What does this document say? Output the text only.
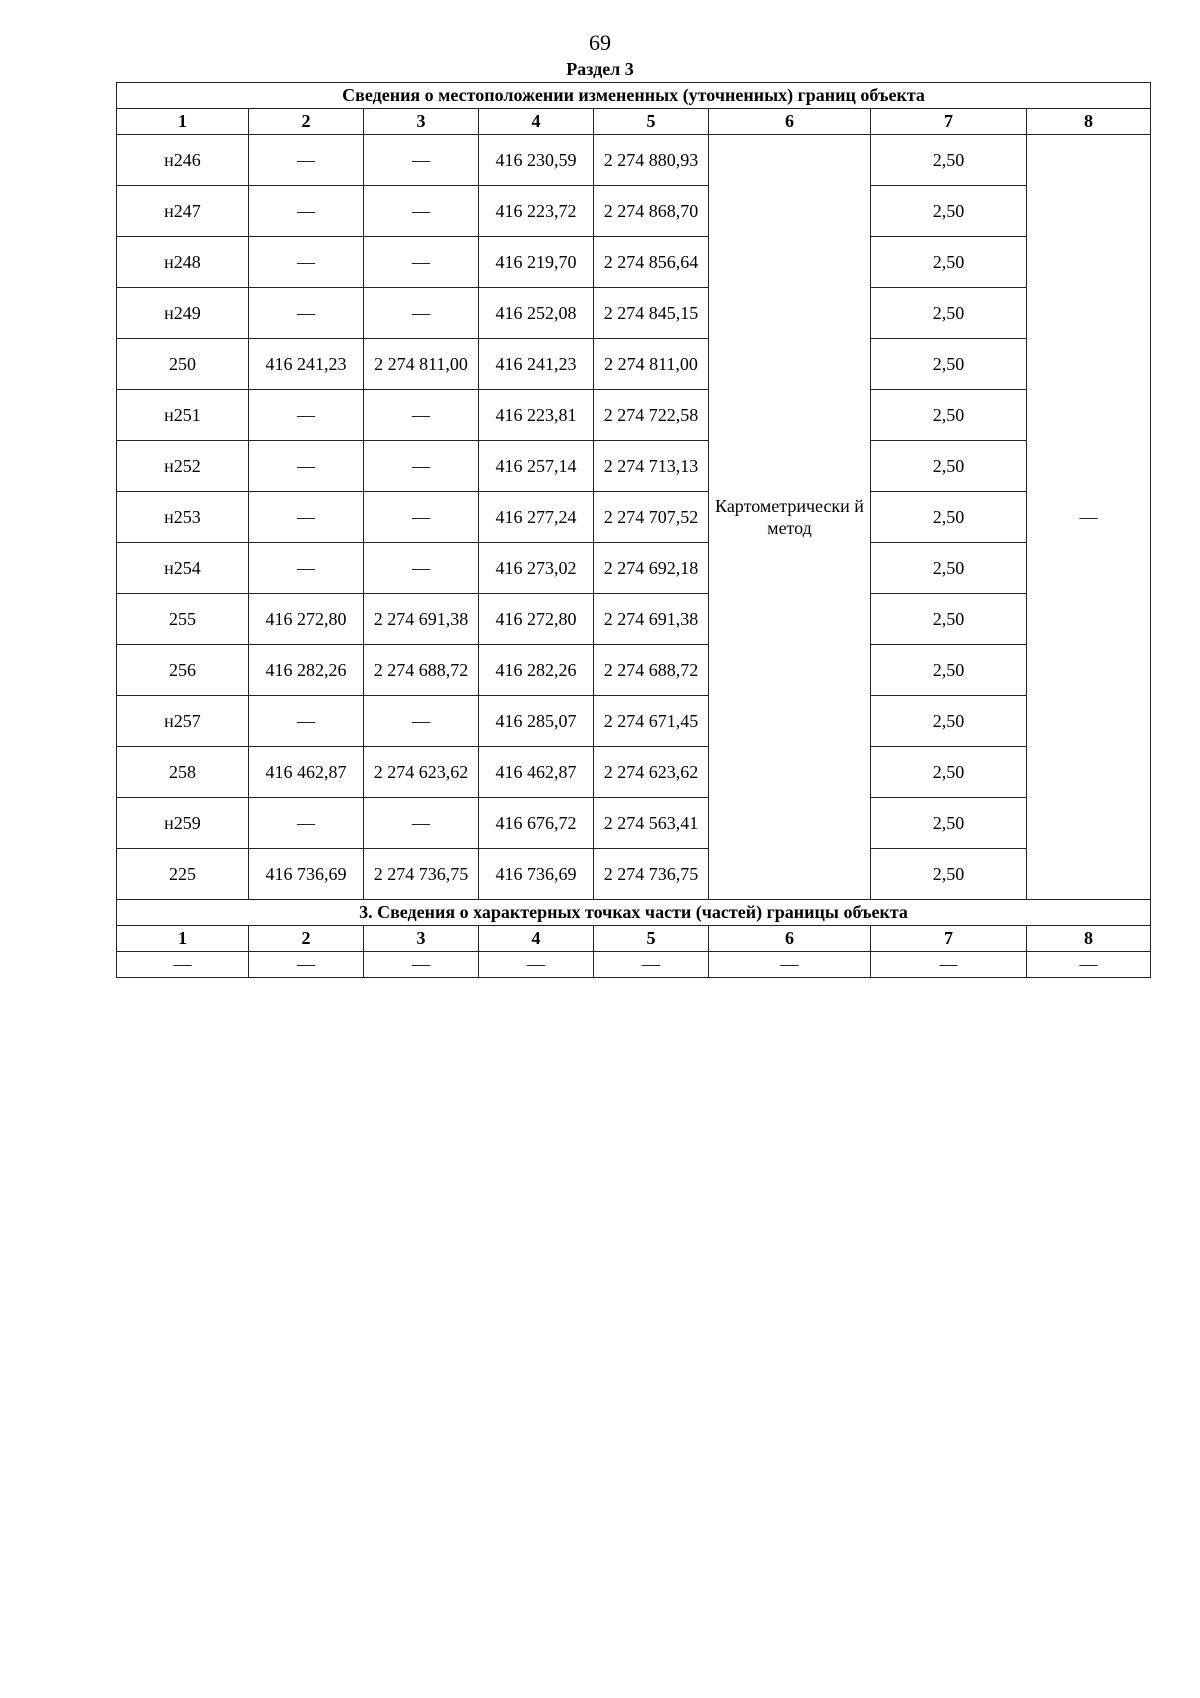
69
Раздел 3
Сведения о местоположении измененных (уточненных) границ объекта							
1	2	3	4	5	6	7	8
н246	—	—	416 230,59	2 274 880,93	Картометрически й метод	2,50	—
н247	—	—	416 223,72	2 274 868,70		2,50	
н248	—	—	416 219,70	2 274 856,64		2,50	
н249	—	—	416 252,08	2 274 845,15		2,50	
250	416 241,23	2 274 811,00	416 241,23	2 274 811,00		2,50	
н251	—	—	416 223,81	2 274 722,58		2,50	
н252	—	—	416 257,14	2 274 713,13		2,50	
н253	—	—	416 277,24	2 274 707,52		2,50	
н254	—	—	416 273,02	2 274 692,18		2,50	
255	416 272,80	2 274 691,38	416 272,80	2 274 691,38		2,50	
256	416 282,26	2 274 688,72	416 282,26	2 274 688,72		2,50	
н257	—	—	416 285,07	2 274 671,45		2,50	
258	416 462,87	2 274 623,62	416 462,87	2 274 623,62		2,50	
н259	—	—	416 676,72	2 274 563,41		2,50	
225	416 736,69	2 274 736,75	416 736,69	2 274 736,75		2,50	
3. Сведения о характерных точках части (частей) границы объекта							
1	2	3	4	5	6	7	8
—	—	—	—	—	—	—	—
